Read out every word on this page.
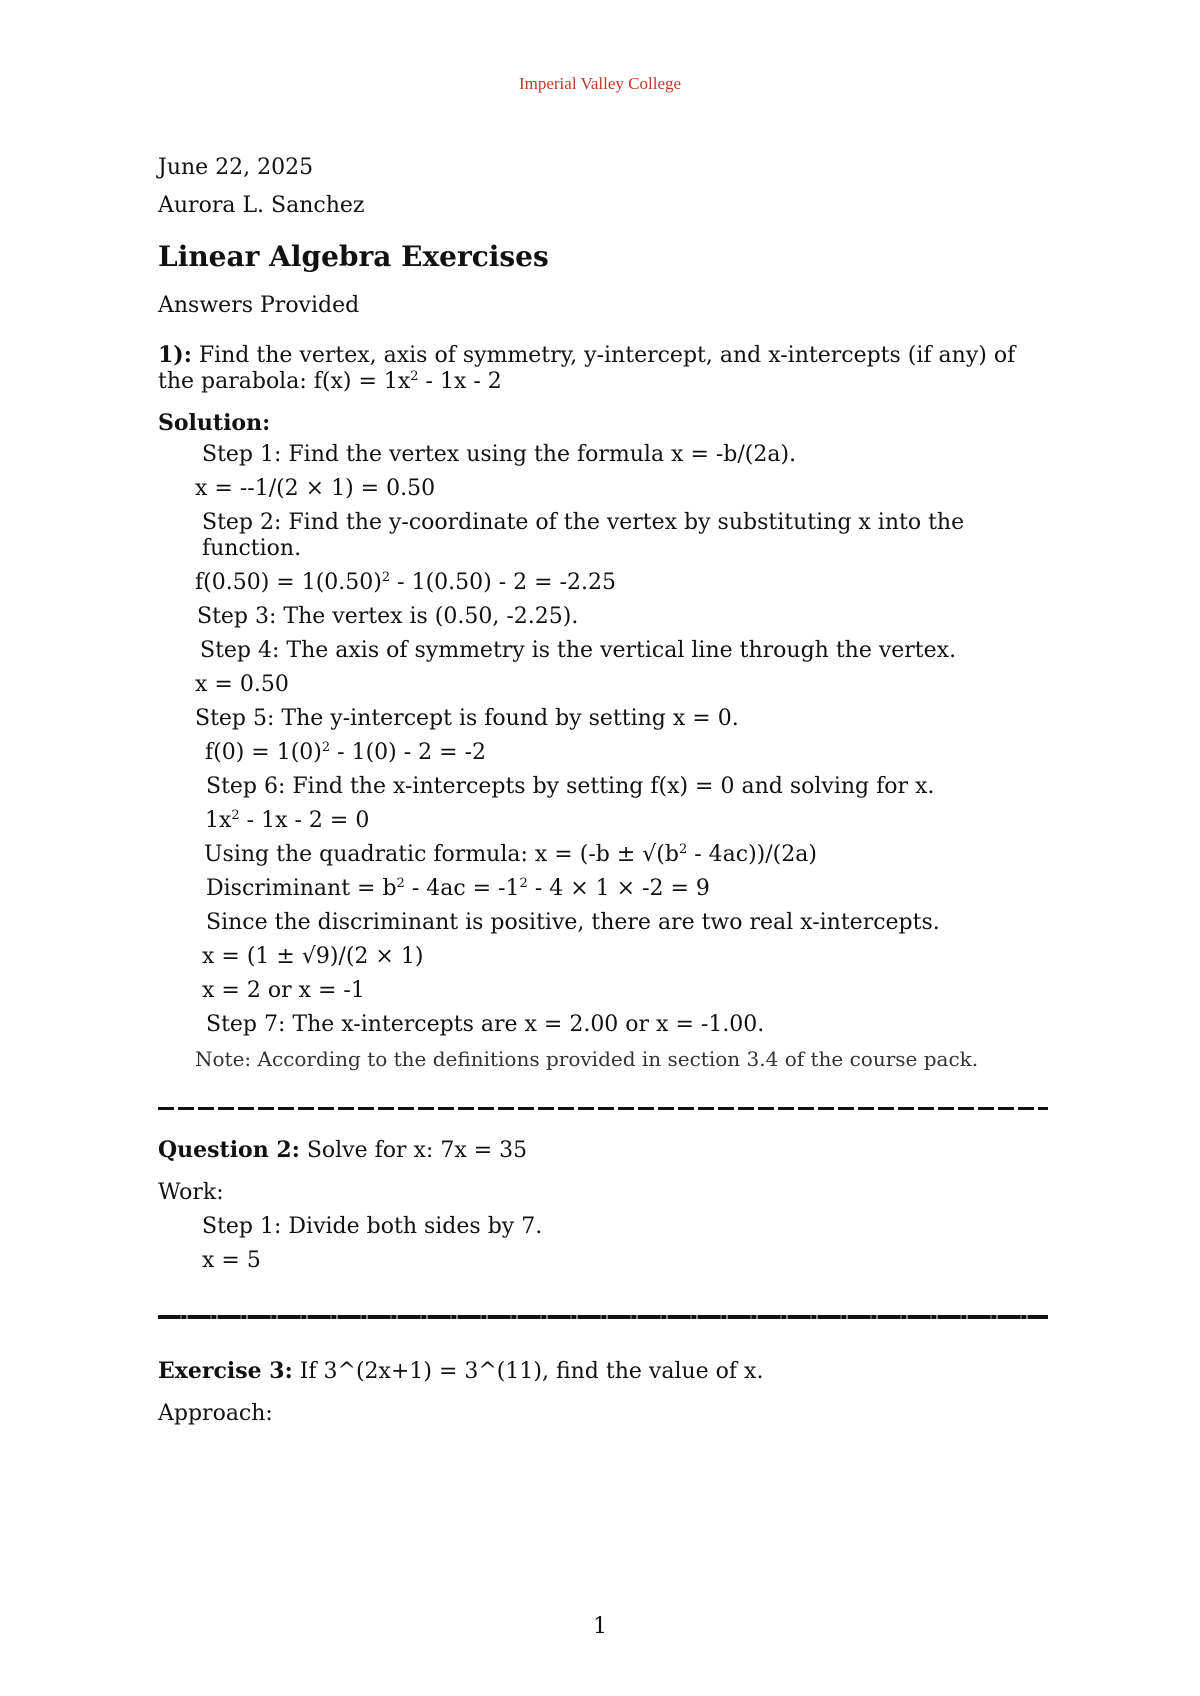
Imperial Valley College
June 22, 2025
Aurora L. Sanchez
Linear Algebra Exercises
Answers Provided
1): Find the vertex, axis of symmetry, y-intercept, and x-intercepts (if any) of the parabola: $f(x) = 1x^2 - 1x - 2$
Solution:
Step 1: Find the vertex using the formula x = -b/(2a).
x = --1/(2 × 1) = 0.50
Step 2: Find the y-coordinate of the vertex by substituting x into the
function.
$f(0.50) = 1(0.50)^2 - 1(0.50) - 2 = -2.25$
Step 3: The vertex is (0.50, -2.25).
Step 4: The axis of symmetry is the vertical line through the vertex.
x = 0.50
Step 5: The y-intercept is found by setting x = 0.
$f(0) = 1(0)^2 - 1(0) - 2 = -2$
Step 6: Find the x-intercepts by setting f(x) = 0 and solving for x.
$1x^2 - 1x - 2 = 0$
Using the quadratic formula: $x = (-b \pm √(b^2 - 4ac))/(2a)$
Discriminant = $b^2 - 4ac = -1^2 - 4 \times 1 \times -2 = 9$
Since the discriminant is positive, there are two real x-intercepts.
x = (1 ± √9)/(2 × 1)
x = 2 or x = -1
Step 7: The x-intercepts are x = 2.00 or x = -1.00.
Note: According to the definitions provided in section 3.4 of the course pack.
Question 2: Solve for x: 7x = 35
Work:
Step 1: Divide both sides by 7.
x = 5
Exercise 3: If 3^(2x+1) = 3^(11), find the value of x.
Approach:
1
